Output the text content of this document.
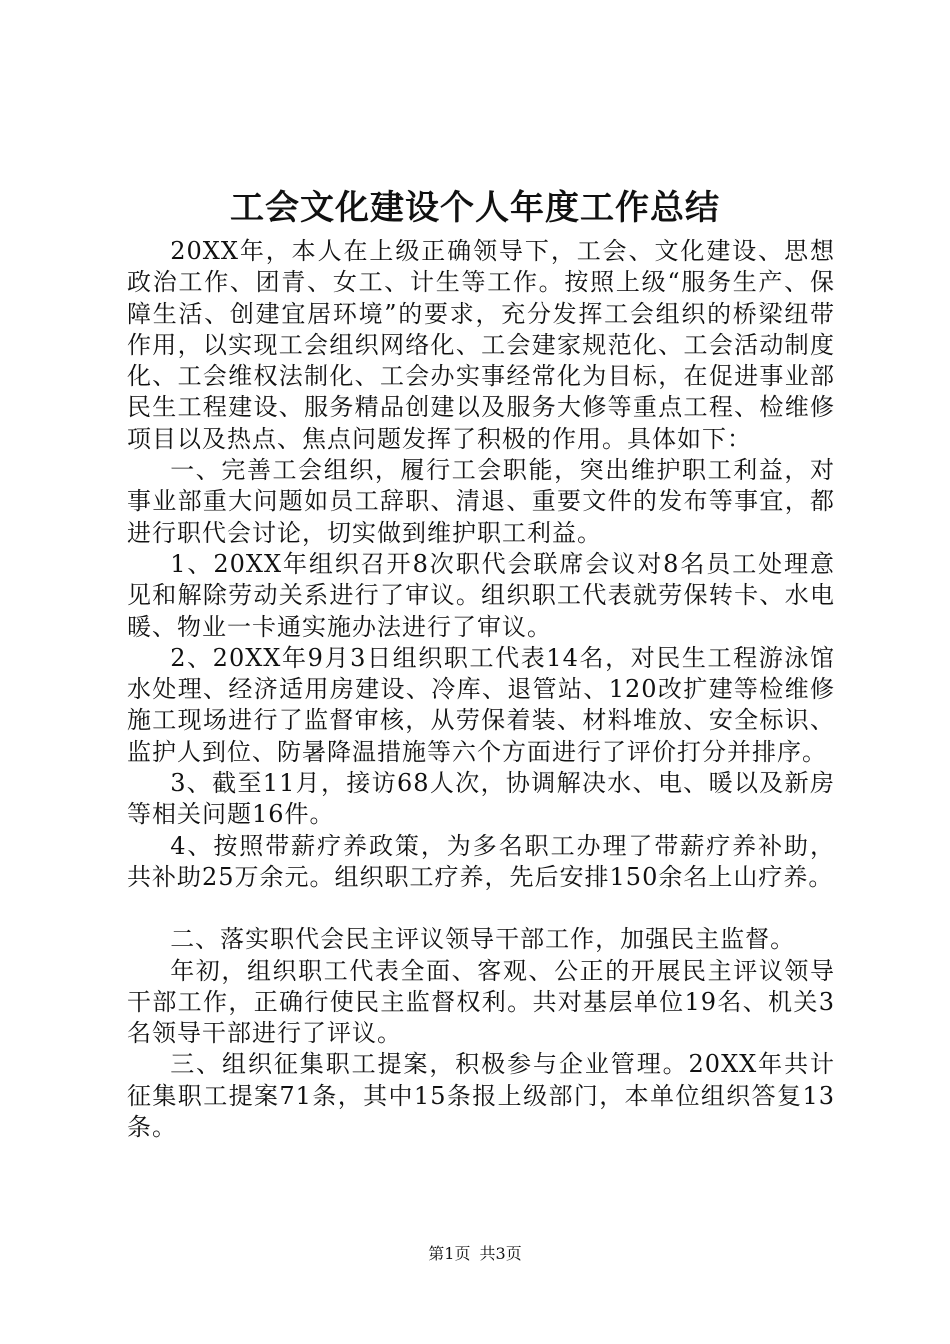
工会文化建设个人年度工作总结

20XX年，本人在上级正确领导下，工会、文化建设、思想政治工作、团青、女工、计生等工作。按照上级“服务生产、保障生活、创建宜居环境”的要求，充分发挥工会组织的桥梁纽带作用，以实现工会组织网络化、工会建家规范化、工会活动制度化、工会维权法制化、工会办实事经常化为目标，在促进事业部民生工程建设、服务精品创建以及服务大修等重点工程、检维修项目以及热点、焦点问题发挥了积极的作用。具体如下：

一、完善工会组织，履行工会职能，突出维护职工利益，对事业部重大问题如员工辞职、清退、重要文件的发布等事宜，都进行职代会讨论，切实做到维护职工利益。

1、20XX年组织召开8次职代会联席会议对8名员工处理意见和解除劳动关系进行了审议。组织职工代表就劳保转卡、水电暖、物业一卡通实施办法进行了审议。

2、20XX年9月3日组织职工代表14名，对民生工程游泳馆水处理、经济适用房建设、冷库、退管站、120改扩建等检维修施工现场进行了监督审核，从劳保着装、材料堆放、安全标识、监护人到位、防暑降温措施等六个方面进行了评价打分并排序。

3、截至11月，接访68人次，协调解决水、电、暖以及新房等相关问题16件。

4、按照带薪疗养政策，为多名职工办理了带薪疗养补助，共补助25万余元。组织职工疗养，先后安排150余名上山疗养。

二、落实职代会民主评议领导干部工作，加强民主监督。

年初，组织职工代表全面、客观、公正的开展民主评议领导干部工作，正确行使民主监督权利。共对基层单位19名、机关3名领导干部进行了评议。

三、组织征集职工提案，积极参与企业管理。20XX年共计征集职工提案71条，其中15条报上级部门，本单位组织答复13条。

第1页 共3页
